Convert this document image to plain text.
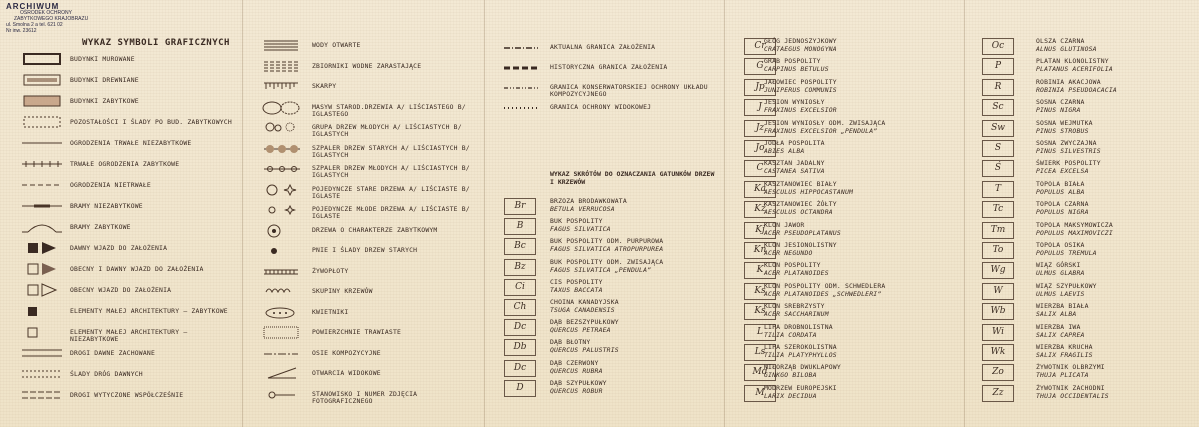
ARCHIWUM
OŚRODEK OCHRONY
ZABYTKOWEGO KRAJOBRAZU
ul. Smolna 2 a tel. 621 02
Nr inw. 23612
WYKAZ SYMBOLI GRAFICZNYCH
BUDYNKI MUROWANE
BUDYNKI DREWNIANE
BUDYNKI ZABYTKOWE
POZOSTAŁOŚCI I ŚLADY PO BUD. ZABYTKOWYCH
OGRODZENIA TRWAŁE NIEZABYTKOWE
TRWAŁE OGRODZENIA ZABYTKOWE
OGRODZENIA NIETRWAŁE
BRAMY NIEZABYTKOWE
BRAMY ZABYTKOWE
DAWNY WJAZD DO ZAŁOŻENIA
OBECNY I DAWNY WJAZD DO ZAŁOŻENIA
OBECNY WJAZD DO ZAŁOŻENIA
ELEMENTY MAŁEJ ARCHITEKTURY – ZABYTKOWE
ELEMENTY MAŁEJ ARCHITEKTURY – NIEZABYTKOWE
DROGI DAWNE ZACHOWANE
ŚLADY DRÓG DAWNYCH
DROGI WYTYCZONE WSPÓŁCZEŚNIE
WODY OTWARTE
ZBIORNIKI WODNE ZARASTAJĄCE
SKARPY
MASYW STAROD.DRZEWIA A/ LIŚCIASTEGO B/ IGLASTEGO
GRUPA DRZEW MŁODYCH A/ LIŚCIASTYCH B/ IGLASTYCH
SZPALER DRZEW STARYCH A/ LIŚCIASTYCH B/ IGLASTYCH
SZPALER DRZEW MŁODYCH A/ LIŚCIASTYCH B/ IGLASTYCH
POJEDYNCZE STARE DRZEWA A/ LIŚCIASTE B/ IGLASTE
POJEDYNCZE MŁODE DRZEWA A/ LIŚCIASTE B/ IGLASTE
DRZEWA O CHARAKTERZE ZABYTKOWYM
PNIE I ŚLADY DRZEW STARYCH
ŻYWOPŁOTY
SKUPINY KRZEWÓW
KWIETNIKI
POWIERZCHNIE TRAWIASTE
OSIE KOMPOZYCYJNE
OTWARCIA WIDOKOWE
STANOWISKO I NUMER ZDJĘCIA FOTOGRAFICZNEGO
WYKAZ SKRÓTÓW DO OZNACZANIA GATUNKÓW DRZEW I KRZEWÓW
AKTUALNA GRANICA ZAŁOŻENIA
HISTORYCZNA GRANICA ZAŁOŻENIA
GRANICA KONSERWATORSKIEJ OCHRONY UKŁADU KOMPOZYCYJNEGO
GRANICA OCHRONY WIDOKOWEJ
Br	BRZOZA BRODAWKOWATA
BETULA VERRUCOSA
B	BUK POSPOLITY
FAGUS SILVATICA
Bc	BUK POSPOLITY ODM. PURPUROWA
FAGUS SILVATICA ATROPURPUREA
Bz	BUK POSPOLITY ODM. ZWISAJĄCA
FAGUS SILVATICA „PENDULA”
Ci	CIS POSPOLITY
TAXUS BACCATA
Ch	CHOINA KANADYJSKA
TSUGA CANADENSIS
Dc	DĄB BEZSZYPUŁKOWY
QUERCUS PETRAEA
Db	DĄB BŁOTNY
QUERCUS PALUSTRIS
Dc	DĄB CZERWONY
QUERCUS RUBRA
D	DĄB SZYPUŁKOWY
QUERCUS ROBUR
Cr
GŁÓG JEDNOSZYJKOWY
CRATAEGUS MONOGYNA
G GRAB POSPOLITY
CARPINUS BETULUS
Jp JAŁOWIEC POSPOLITY
JUNIPERUS COMMUNIS
J JESION WYNIOSŁY
FRAXINUS EXCELSIOR
Jz JESION WYNIOSŁY ODM. ZWISAJĄCA
FRAXINUS EXCELSIOR „PENDULA”
Jo JODŁA POSPOLITA
ABIES ALBA
C KASZTAN JADALNY
CASTANEA SATIVA
Ka
KASZTANOWIEC BIAŁY
AESCULUS HIPPOCASTANUM
Kż
KASZTANOWIEC ŻÓŁTY
AESCULUS OCTANDRA
Kj KLON JAWOR
ACER PSEUDOPLATANUS
Kn
KLON JESIONOLISTNY
ACER NEGUNDO
K KLON POSPOLITY
ACER PLATANOIDES
Ks
KLON POSPOLITY ODM. SCHWEDLERA
ACER PLATANOIDES „SCHWEDLERI”
Ks
KLON SREBRZYSTY
ACER SACCHARINUM
L LIPA DROBNOLISTNA
TILIA CORDATA
Ls
LIPA SZEROKOLISTNA
TILIA PLATYPHYLLOS
Md
MIŁORZĄB DWUKLAPOWY
GINKGO BILOBA
M MODRZEW EUROPEJSKI
LARIX DECIDUA
Oc	OLSZA CZARNA
ALNUS GLUTINOSA
P	PLATAN KLONOLISTNY
PLATANUS ACERIFOLIA
R	ROBINIA AKACJOWA
ROBINIA PSEUDOACACIA
Sc	SOSNA CZARNA
PINUS NIGRA
Sw	SOSNA WEJMUTKA
PINUS STROBUS
S	SOSNA ZWYCZAJNA
PINUS SILVESTRIS
Ś	ŚWIERK POSPOLITY
PICEA EXCELSA
T	TOPOLA BIAŁA
POPULUS ALBA
Tc	TOPOLA CZARNA
POPULUS NIGRA
Tm	TOPOLA MAKSYMOWICZA
POPULUS MAXIMOVICZI
To	TOPOLA OSIKA
POPULUS TREMULA
Wg	WIĄZ GÓRSKI
ULMUS GLABRA
W	WIĄZ SZYPUŁKOWY
ULMUS LAEVIS
Wb	WIERZBA BIAŁA
SALIX ALBA
Wi	WIERZBA IWA
SALIX CAPREA
Wk	WIERZBA KRUCHA
SALIX FRAGILIS
Zo	ŻYWOTNIK OLBRZYMI
THUJA PLICATA
Zz	ŻYWOTNIK ZACHODNI
THUJA OCCIDENTALIS
